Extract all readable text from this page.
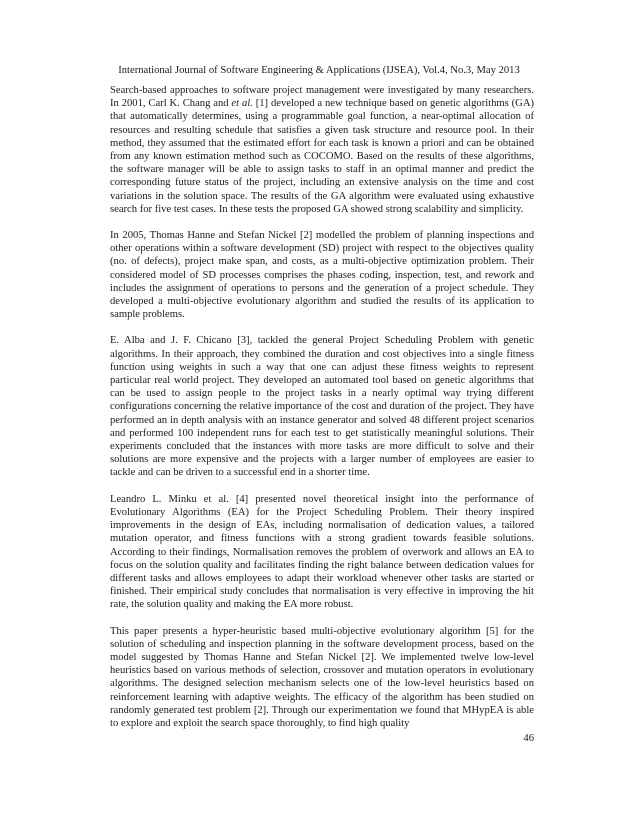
International Journal of Software Engineering & Applications (IJSEA), Vol.4, No.3, May 2013

Search-based approaches to software project management were investigated by many researchers. In 2001, Carl K. Chang and et al. [1] developed a new technique based on genetic algorithms (GA) that automatically determines, using a programmable goal function, a near-optimal allocation of resources and resulting schedule that satisfies a given task structure and resource pool. In their method, they assumed that the estimated effort for each task is known a priori and can be obtained from any known estimation method such as COCOMO. Based on the results of these algorithms, the software manager will be able to assign tasks to staff in an optimal manner and predict the corresponding future status of the project, including an extensive analysis on the time and cost variations in the solution space. The results of the GA algorithm were evaluated using exhaustive search for five test cases. In these tests the proposed GA showed strong scalability and simplicity.

In 2005, Thomas Hanne and Stefan Nickel [2] modelled the problem of planning inspections and other operations within a software development (SD) project with respect to the objectives quality (no. of defects), project make span, and costs, as a multi-objective optimization problem. Their considered model of SD processes comprises the phases coding, inspection, test, and rework and includes the assignment of operations to persons and the generation of a project schedule. They developed a multi-objective evolutionary algorithm and studied the results of its application to sample problems.

E. Alba and J. F. Chicano [3], tackled the general Project Scheduling Problem with genetic algorithms. In their approach, they combined the duration and cost objectives into a single fitness function using weights in such a way that one can adjust these fitness weights to represent particular real world project. They developed an automated tool based on genetic algorithms that can be used to assign people to the project tasks in a nearly optimal way trying different configurations concerning the relative importance of the cost and duration of the project. They have performed an in depth analysis with an instance generator and solved 48 different project scenarios and performed 100 independent runs for each test to get statistically meaningful solutions. Their experiments concluded that the instances with more tasks are more difficult to solve and their solutions are more expensive and the projects with a larger number of employees are easier to tackle and can be driven to a successful end in a shorter time.

Leandro L. Minku et al. [4] presented novel theoretical insight into the performance of Evolutionary Algorithms (EA) for the Project Scheduling Problem. Their theory inspired improvements in the design of EAs, including normalisation of dedication values, a tailored mutation operator, and fitness functions with a strong gradient towards feasible solutions. According to their findings, Normalisation removes the problem of overwork and allows an EA to focus on the solution quality and facilitates finding the right balance between dedication values for different tasks and allows employees to adapt their workload whenever other tasks are started or finished. Their empirical study concludes that normalisation is very effective in improving the hit rate, the solution quality and making the EA more robust.

This paper presents a hyper-heuristic based multi-objective evolutionary algorithm [5] for the solution of scheduling and inspection planning in the software development process, based on the model suggested by Thomas Hanne and Stefan Nickel [2]. We implemented twelve low-level heuristics based on various methods of selection, crossover and mutation operators in evolutionary algorithms. The designed selection mechanism selects one of the low-level heuristics based on reinforcement learning with adaptive weights. The efficacy of the algorithm has been studied on randomly generated test problem [2]. Through our experimentation we found that MHypEA is able to explore and exploit the search space thoroughly, to find high quality

46
